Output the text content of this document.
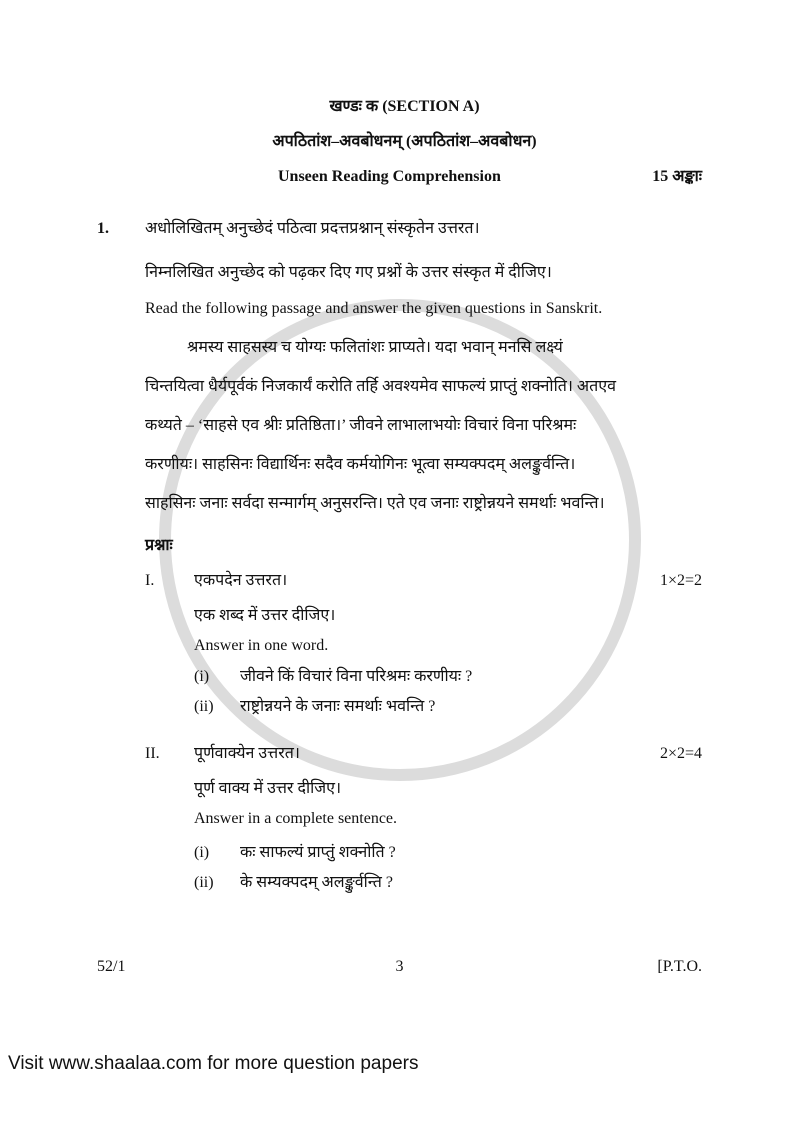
खण्डः क (SECTION A)
अपठितांश–अवबोधनम् (अपठितांश–अवबोधन)
Unseen Reading Comprehension	15 अङ्काः
1.	अधोलिखितम् अनुच्छेदं पठित्वा प्रदत्तप्रश्नान् संस्कृतेन उत्तरत।
निम्नलिखित अनुच्छेद को पढ़कर दिए गए प्रश्नों के उत्तर संस्कृत में दीजिए।
Read the following passage and answer the given questions in Sanskrit.

श्रमस्य साहसस्य च योग्यः फलितांशः प्राप्यते। यदा भवान् मनसि लक्ष्यं

चिन्तयित्वा धैर्यपूर्वकं निजकार्यं करोति तर्हि अवश्यमेव साफल्यं प्राप्तुं शक्नोति। अतएव

कथ्यते – ‘साहसे एव श्रीः प्रतिष्ठिता।’ जीवने लाभालाभयोः विचारं विना परिश्रमः

करणीयः। साहसिनः विद्यार्थिनः सदैव कर्मयोगिनः भूत्वा सम्यक्पदम् अलङ्कुर्वन्ति।

साहसिनः जनाः सर्वदा सन्मार्गम् अनुसरन्ति। एते एव जनाः राष्ट्रोन्नयने समर्थाः भवन्ति।

प्रश्नाः
I.	एकपदेन उत्तरत।
एक शब्द में उत्तर दीजिए।
Answer in one word.
(i)	जीवने किं विचारं विना परिश्रमः करणीयः ?
(ii)	राष्ट्रोन्नयने के जनाः समर्थाः भवन्ति ?
1×2=2
II.	पूर्णवाक्येन उत्तरत।
पूर्ण वाक्य में उत्तर दीजिए।
Answer in a complete sentence.
(i)	कः साफल्यं प्राप्तुं शक्नोति ?
(ii)	के सम्यक्पदम् अलङ्कुर्वन्ति ?
2×2=4
52/1	3	[P.T.O.
Visit www.shaalaa.com for more question papers
